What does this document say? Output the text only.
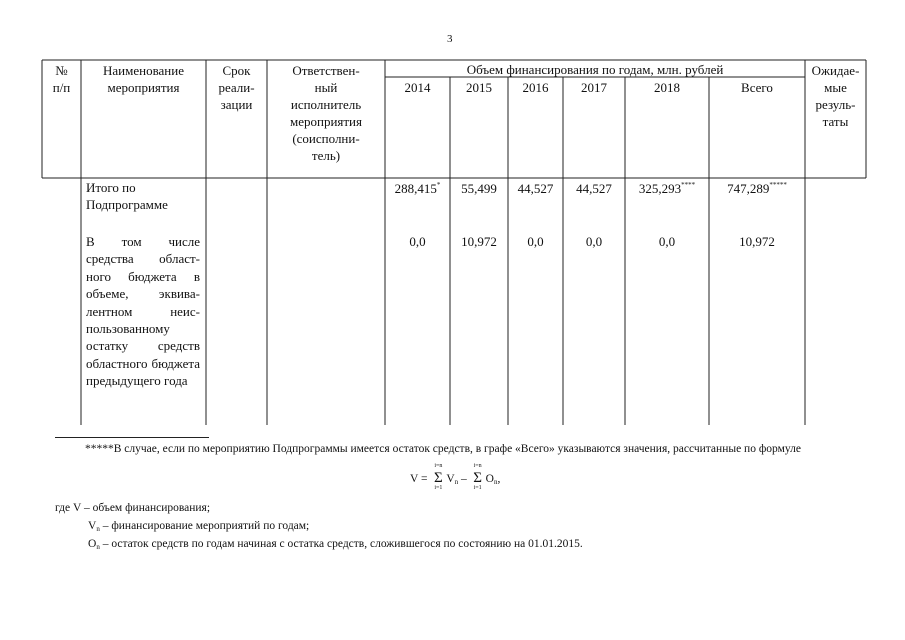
3
№
п/п
Наименование
мероприятия
Срок
реали-
зации
Ответствен-
ный
исполнитель
мероприятия
(соисполни-
тель)
Объем финансирования по годам, млн. рублей
2014	2015	2016	2017	2018	Всего
Ожидае-
мые
резуль-
таты
Итого по
Подпрограмме
288,415*	55,499	44,527	44,527	325,293****	747,289*****
В том числе средства област-ного бюджета в объеме, эквива-лентном неис-пользованному остатку средств областного бюджета предыдущего года
0,0	10,972	0,0	0,0	0,0	10,972
*****В случае, если по мероприятию Подпрограммы имеется остаток средств, в графе «Всего» указываются значения, рассчитанные по формуле
V =
i=n
Σ
i=1
Vn –
i=n
Σ
i=1
On,
где V – объем финансирования;
Vn – финансирование мероприятий по годам;
On – остаток средств по годам начиная с остатка средств, сложившегося по состоянию на 01.01.2015.
